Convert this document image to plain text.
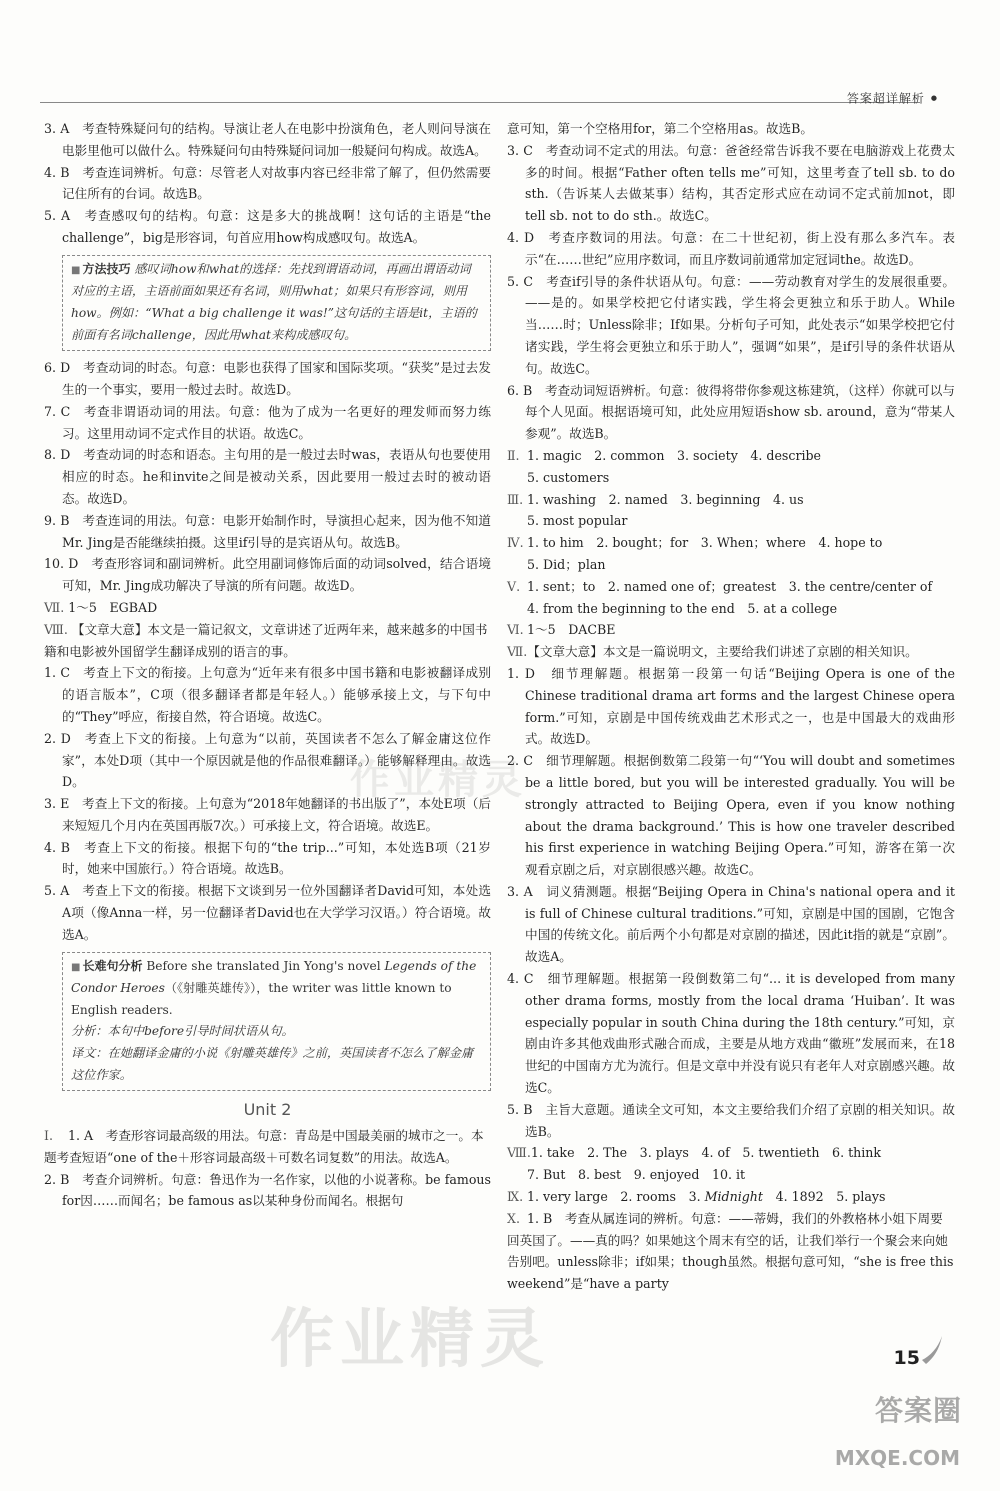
答案超详解析 ●

3. A　考查特殊疑问句的结构。导演让老人在电影中扮演角色，老人则问导演在电影里他可以做什么。特殊疑问句由特殊疑问词加一般疑问句构成。故选A。

4. B　考查连词辨析。句意：尽管老人对故事内容已经非常了解了，但仍然需要记住所有的台词。故选B。

5. A　考查感叹句的结构。句意：这是多大的挑战啊！这句话的主语是“the challenge”，big是形容词，句首应用how构成感叹句。故选A。

■ 方法技巧 感叹词how和what的选择：先找到谓语动词，再画出谓语动词对应的主语，主语前面如果还有名词，则用what；如果只有形容词，则用how。例如：“What a big challenge it was!”这句话的主语是it，主语的前面有名词challenge，因此用what来构成感叹句。

6. D　考查动词的时态。句意：电影也获得了国家和国际奖项。“获奖”是过去发生的一个事实，要用一般过去时。故选D。

7. C　考查非谓语动词的用法。句意：他为了成为一名更好的理发师而努力练习。这里用动词不定式作目的状语。故选C。

8. D　考查动词的时态和语态。主句用的是一般过去时was，表语从句也要使用相应的时态。he和invite之间是被动关系，因此要用一般过去时的被动语态。故选D。

9. B　考查连词的用法。句意：电影开始制作时，导演担心起来，因为他不知道Mr. Jing是否能继续拍摄。这里if引导的是宾语从句。故选B。

10. D　考查形容词和副词辨析。此空用副词修饰后面的动词solved，结合语境可知，Mr. Jing成功解决了导演的所有问题。故选D。

Ⅶ. 1～5　EGBAD

Ⅷ. 【文章大意】本文是一篇记叙文，文章讲述了近两年来，越来越多的中国书籍和电影被外国留学生翻译成别的语言的事。

1. C　考查上下文的衔接。上句意为“近年来有很多中国书籍和电影被翻译成别的语言版本”，C项（很多翻译者都是年轻人。）能够承接上文，与下句中的“They”呼应，衔接自然，符合语境。故选C。

2. D　考查上下文的衔接。上句意为“以前，英国读者不怎么了解金庸这位作家”，本处D项（其中一个原因就是他的作品很难翻译。）能够解释理由。故选D。

3. E　考查上下文的衔接。上句意为“2018年她翻译的书出版了”，本处E项（后来短短几个月内在英国再版7次。）可承接上文，符合语境。故选E。

4. B　考查上下文的衔接。根据下句的“the trip...”可知，本处选B项（21岁时，她来中国旅行。）符合语境。故选B。

5. A　考查上下文的衔接。根据下文谈到另一位外国翻译者David可知，本处选A项（像Anna一样，另一位翻译者David也在大学学习汉语。）符合语境。故选A。

■ 长难句分析 Before she translated Jin Yong's novel Legends of the Condor Heroes（《射雕英雄传》），the writer was little known to English readers.
分析：本句中before引导时间状语从句。
译文：在她翻译金庸的小说《射雕英雄传》之前，英国读者不怎么了解金庸这位作家。
Unit 2

Ⅰ. 1. A　考查形容词最高级的用法。句意：青岛是中国最美丽的城市之一。本题考查短语“one of the＋形容词最高级＋可数名词复数”的用法。故选A。

2. B　考查介词辨析。句意：鲁迅作为一名作家，以他的小说著称。be famous for因……而闻名；be famous as以某种身份而闻名。根据句

意可知，第一个空格用for，第二个空格用as。故选B。

3. C　考查动词不定式的用法。句意：爸爸经常告诉我不要在电脑游戏上花费太多的时间。根据“Father often tells me”可知，这里考查了tell sb. to do sth.（告诉某人去做某事）结构，其否定形式应在动词不定式前加not，即tell sb. not to do sth.。故选C。

4. D　考查序数词的用法。句意：在二十世纪初，街上没有那么多汽车。表示“在……世纪”应用序数词，而且序数词前通常加定冠词the。故选D。

5. C　考查if引导的条件状语从句。句意：——劳动教育对学生的发展很重要。——是的。如果学校把它付诸实践，学生将会更独立和乐于助人。While当……时；Unless除非；If如果。分析句子可知，此处表示“如果学校把它付诸实践，学生将会更独立和乐于助人”，强调“如果”，是if引导的条件状语从句。故选C。

6. B　考查动词短语辨析。句意：彼得将带你参观这栋建筑，（这样）你就可以与每个人见面。根据语境可知，此处应用短语show sb. around，意为“带某人参观”。故选B。

Ⅱ. 1. magic　2. common　3. society　4. describe

5. customers

Ⅲ. 1. washing　2. named　3. beginning　4. us

5. most popular

Ⅳ. 1. to him　2. bought；for　3. When；where　4. hope to

5. Did；plan

Ⅴ. 1. sent；to　2. named one of；greatest　3. the centre/center of

4. from the beginning to the end　5. at a college

Ⅵ. 1～5　DACBE

Ⅶ.【文章大意】本文是一篇说明文，主要给我们讲述了京剧的相关知识。

1. D　细节理解题。根据第一段第一句话“Beijing Opera is one of the Chinese traditional drama art forms and the largest Chinese opera form.”可知，京剧是中国传统戏曲艺术形式之一，也是中国最大的戏曲形式。故选D。

2. C　细节理解题。根据倒数第二段第一句“‘You will doubt and sometimes be a little bored, but you will be interested gradually. You will be strongly attracted to Beijing Opera, even if you know nothing about the drama background.’ This is how one traveler described his first experience in watching Beijing Opera.”可知，游客在第一次观看京剧之后，对京剧很感兴趣。故选C。

3. A　词义猜测题。根据“Beijing Opera in China's national opera and it is full of Chinese cultural traditions.”可知，京剧是中国的国剧，它饱含中国的传统文化。前后两个小句都是对京剧的描述，因此it指的就是“京剧”。故选A。

4. C　细节理解题。根据第一段倒数第二句“... it is developed from many other drama forms, mostly from the local drama ‘Huiban’. It was especially popular in south China during the 18th century.”可知，京剧由许多其他戏曲形式融合而成，主要是从地方戏曲“徽班”发展而来，在18世纪的中国南方尤为流行。但是文章中并没有说只有老年人对京剧感兴趣。故选C。

5. B　主旨大意题。通读全文可知，本文主要给我们介绍了京剧的相关知识。故选B。

Ⅷ.1. take　2. The　3. plays　4. of　5. twentieth　6. think

7. But　8. best　9. enjoyed　10. it

Ⅸ. 1. very large　2. rooms　3. Midnight　4. 1892　5. plays

Ⅹ. 1. B　考查从属连词的辨析。句意：——蒂姆，我们的外教格林小姐下周要回英国了。——真的吗？如果她这个周末有空的话，让我们举行一个聚会来向她告别吧。unless除非；if如果；though虽然。根据句意可知，“she is free this weekend”是“have a party

作业精灵
作业精灵	15
答案圈
MXQE.COM
